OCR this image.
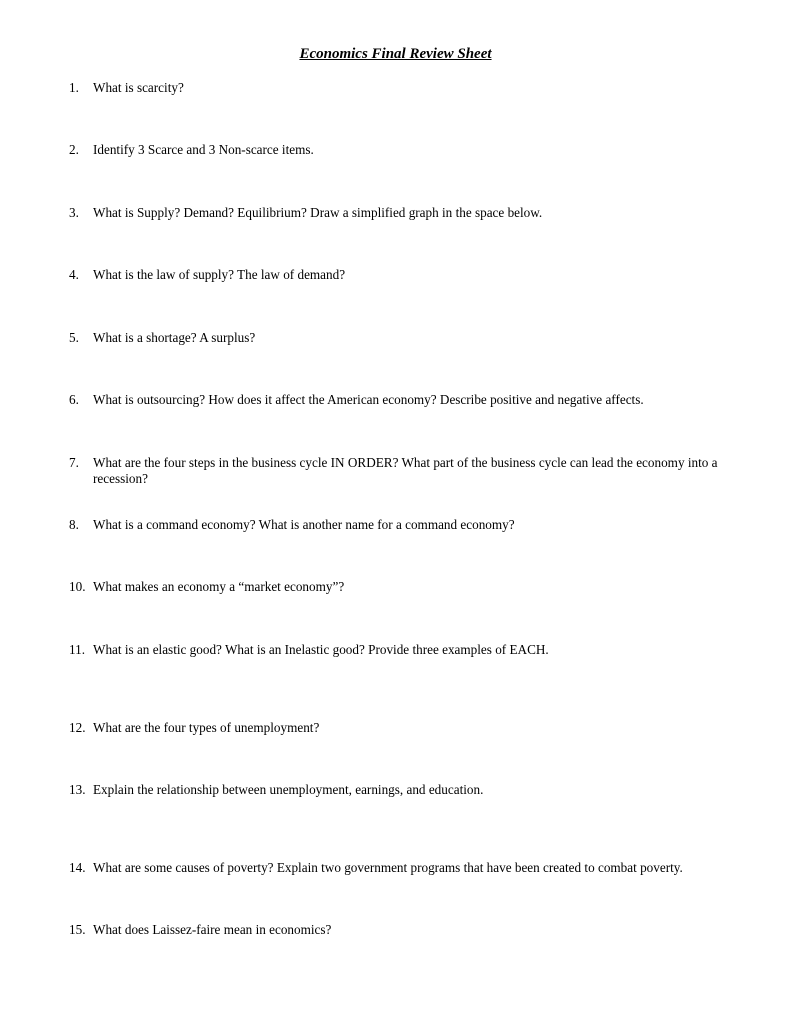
Economics Final Review Sheet
1. What is scarcity?
2. Identify 3 Scarce and 3 Non-scarce items.
3. What is Supply? Demand? Equilibrium? Draw a simplified graph in the space below.
4. What is the law of supply? The law of demand?
5. What is a shortage? A surplus?
6. What is outsourcing? How does it affect the American economy? Describe positive and negative affects.
7. What are the four steps in the business cycle IN ORDER? What part of the business cycle can lead the economy into a recession?
8. What is a command economy? What is another name for a command economy?
10. What makes an economy a “market economy”?
11. What is an elastic good? What is an Inelastic good? Provide three examples of EACH.
12. What are the four types of unemployment?
13. Explain the relationship between unemployment, earnings, and education.
14. What are some causes of poverty? Explain two government programs that have been created to combat poverty.
15. What does Laissez-faire mean in economics?
